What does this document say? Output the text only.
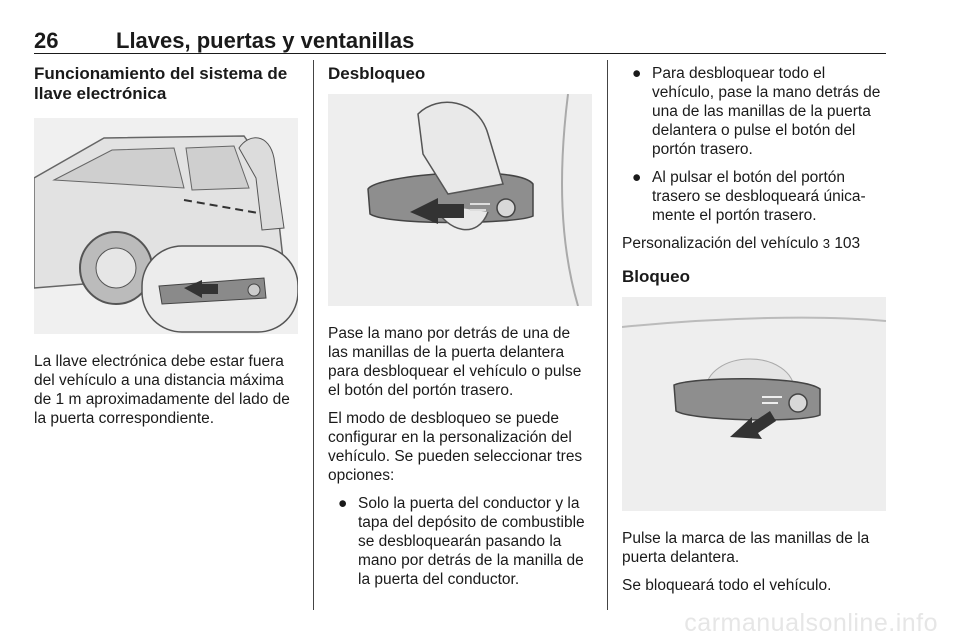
26	Llaves, puertas y ventanillas
Funcionamiento del sistema de llave electrónica
La llave electrónica debe estar fuera del vehículo a una distancia máxima de 1 m aproximadamente del lado de la puerta correspondiente.
Desbloqueo
Pase la mano por detrás de una de las manillas de la puerta delantera para desbloquear el vehículo o pulse el botón del portón trasero.
El modo de desbloqueo se puede configurar en la personalización del vehículo. Se pueden seleccionar tres opciones:
● Solo la puerta del conductor y la tapa del depósito de combustible se desbloquearán pasando la mano por detrás de la manilla de la puerta del conductor.
● Para desbloquear todo el vehículo, pase la mano detrás de una de las manillas de la puerta delantera o pulse el botón del portón trasero.
● Al pulsar el botón del portón trasero se desbloqueará únicamente el portón trasero.
Personalización del vehículo 3 103
Bloqueo
Pulse la marca de las manillas de la puerta delantera.
Se bloqueará todo el vehículo.
carmanualsonline.info
